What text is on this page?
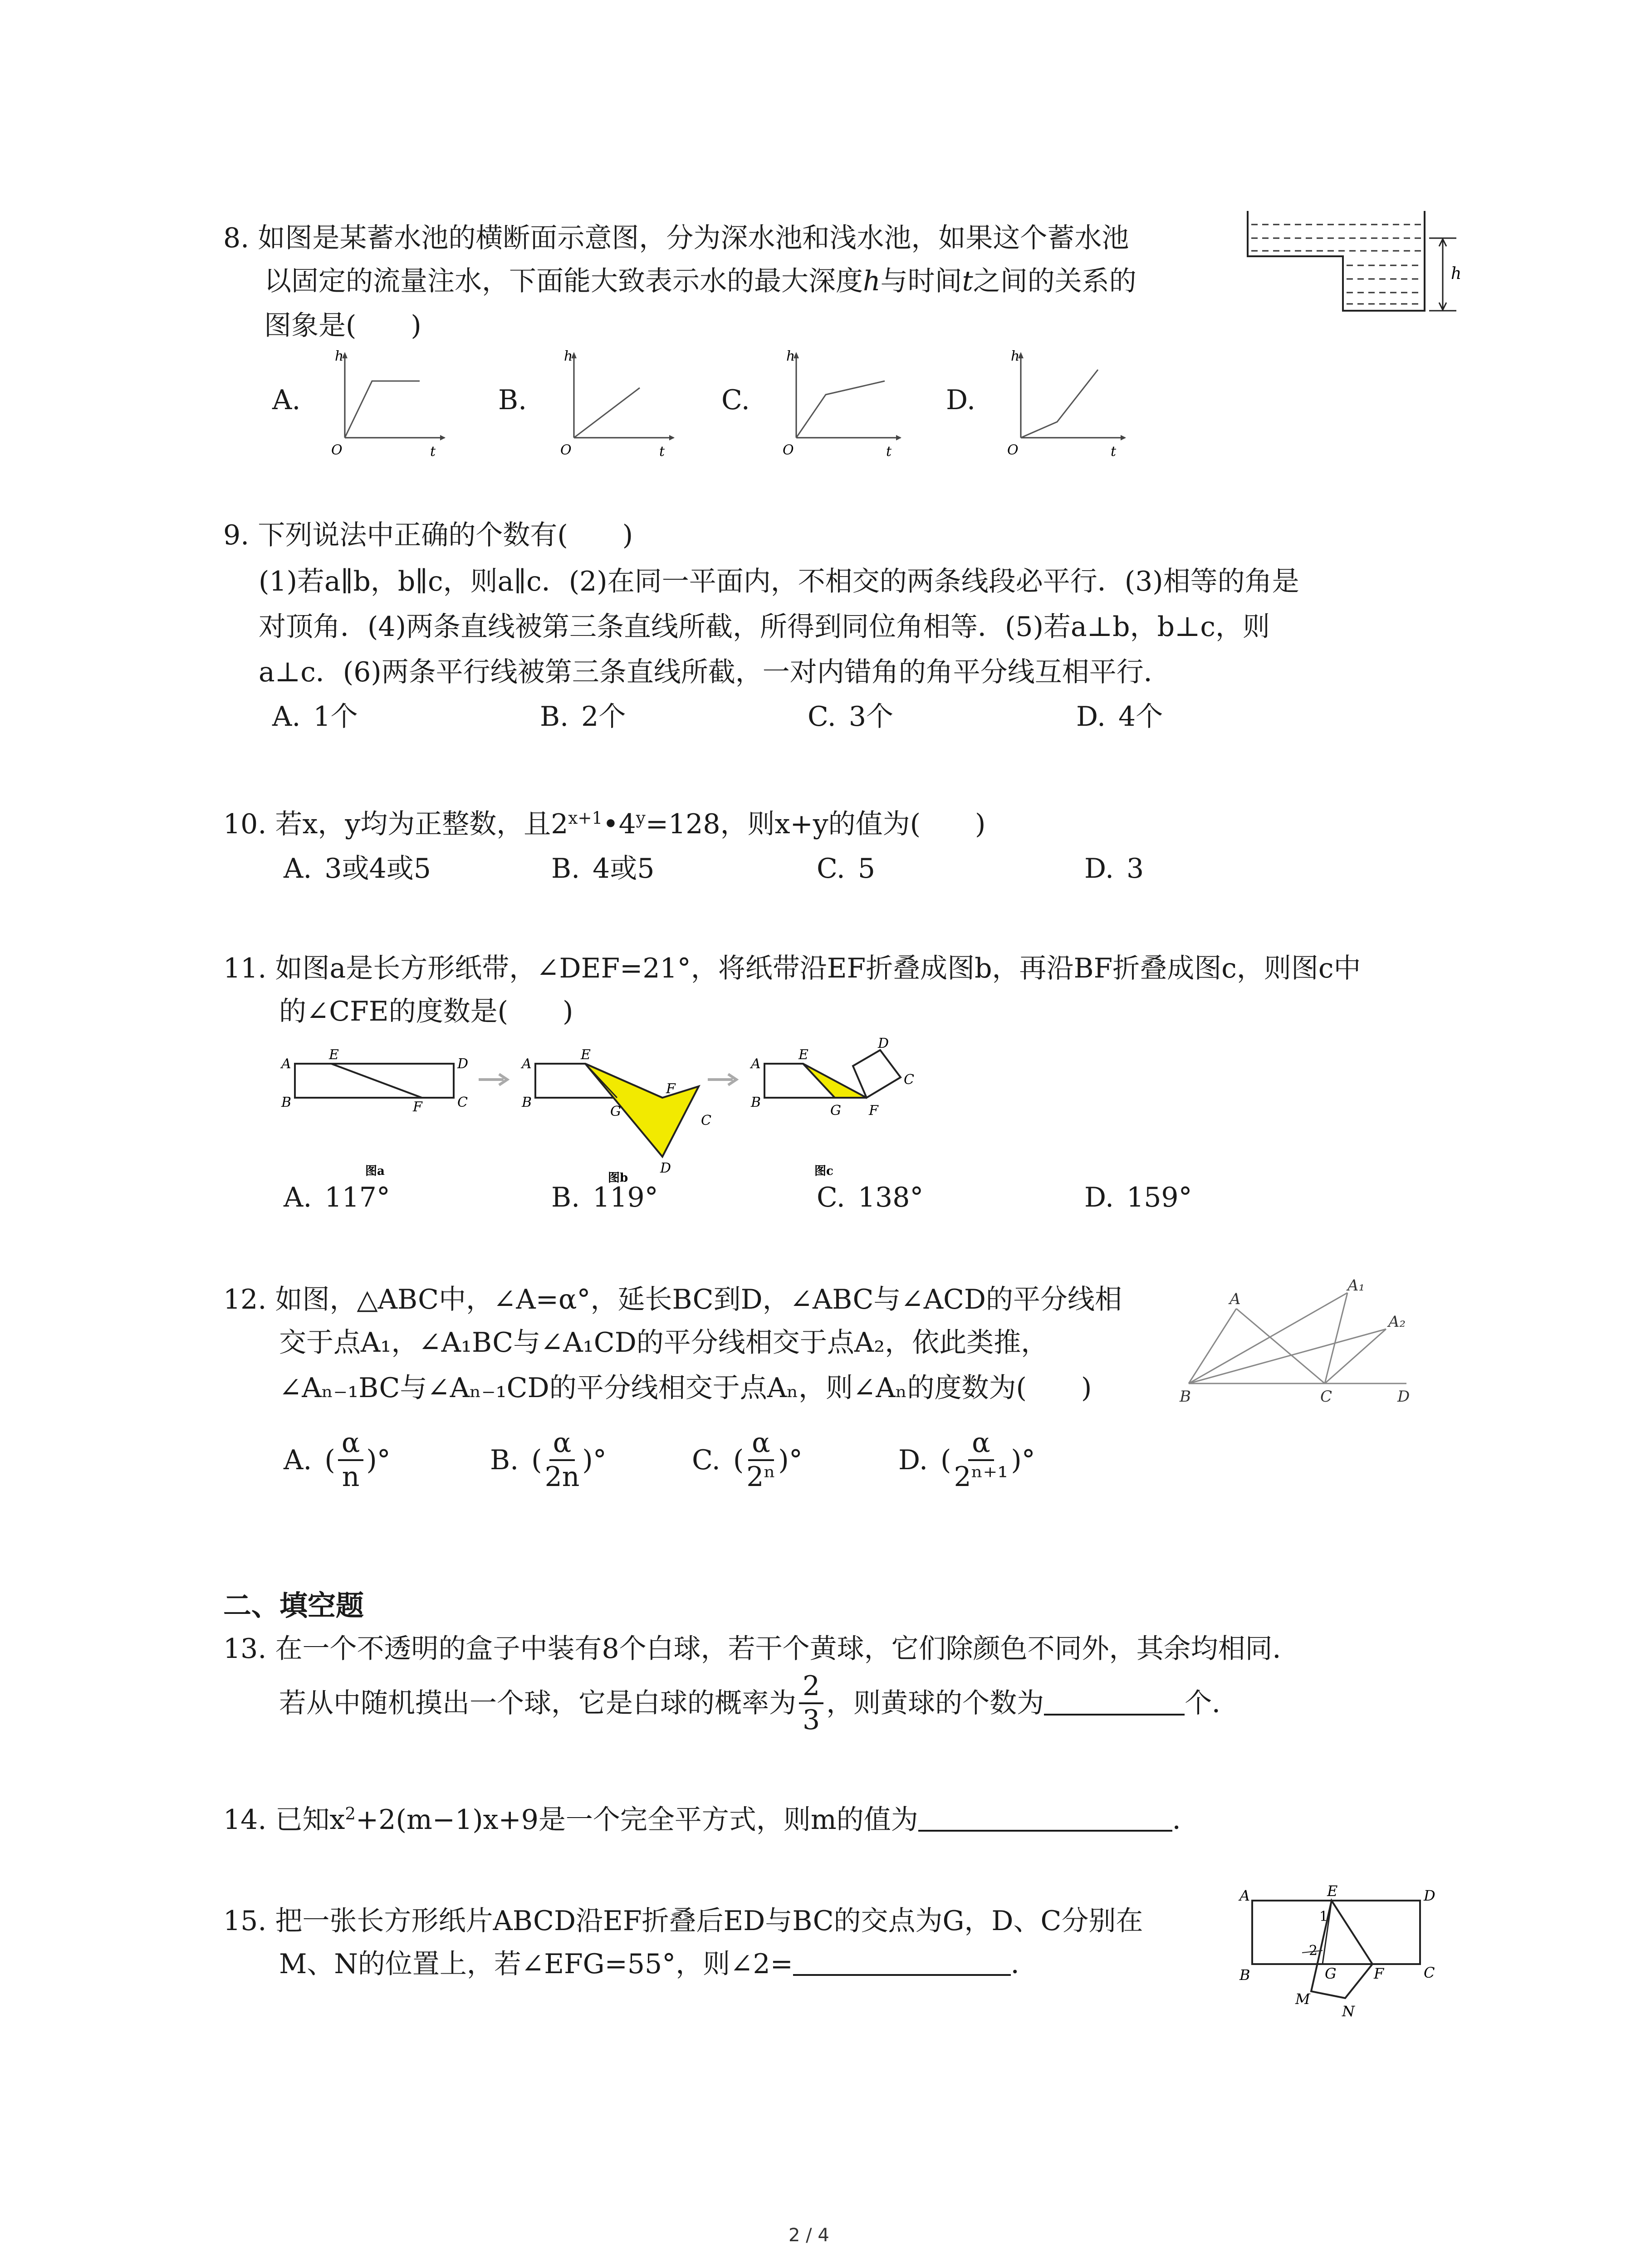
8. 如图是某蓄水池的横断面示意图，分为深水池和浅水池，如果这个蓄水池
以固定的流量注水，下面能大致表示水的最大深度h与时间t之间的关系的
图象是(　　)
h
A.
h
O	t
B.
h
O	t
C.
h
O	t
D.
h
O	t
9. 下列说法中正确的个数有(　　)
(1)若a∥b，b∥c，则a∥c．(2)在同一平面内，不相交的两条线段必平行．(3)相等的角是
对顶角．(4)两条直线被第三条直线所截，所得到同位角相等．(5)若a⊥b，b⊥c，则
a⊥c．(6)两条平行线被第三条直线所截，一对内错角的角平分线互相平行．
A. 1个	B. 2个	C. 3个	D. 4个
10. 若x，y均为正整数，且$2^{x+1}•4^y=128$，则x+y的值为(　　)
A. 3或4或5	B. 4或5	C. 5	D. 3
11. 如图a是长方形纸带，∠DEF=21°，将纸带沿EF折叠成图b，再沿BF折叠成图c，则图c中
的∠CFE的度数是(　　)
A
B
E
D
C
F
图a
A
B
E
G
F
C
D
图b
A
B
E
G F
D
C
图c
A. 117°	B. 119°	C. 138°	D. 159°
12. 如图，△ABC中，∠A=α°，延长BC到D，∠ABC与∠ACD的平分线相
交于点A₁，∠A₁BC与∠A₁CD的平分线相交于点A₂，依此类推，
∠Aₙ₋₁BC与∠Aₙ₋₁CD的平分线相交于点Aₙ，则∠Aₙ的度数为(　　)
A
A₁
A₂
B	C	D
A. ( $\frac{\alpha}{n}$ )°	B. ( $\frac{\alpha}{2n}$ )°	C. ( $\frac{\alpha}{\text{2ⁿ}}$ )°	D. ( $\frac{\alpha}{\text{2ⁿ⁺¹}}$ )°
二、填空题
13. 在一个不透明的盒子中装有8个白球，若干个黄球，它们除颜色不同外，其余均相同．
若从中随机摸出一个球，它是白球的概率为 $\frac{2}{3}$ ，则黄球的个数为	个．
14. 已知$x^2+2(m-1)x+9$是一个完全平方式，则m的值为	．
15. 把一张长方形纸片ABCD沿EF折叠后ED与BC的交点为G，D、C分别在
M、N的位置上，若∠EFG=55°，则∠2=	．
A
B
D
C
E
F
G
M
N
1
2
2 / 4
